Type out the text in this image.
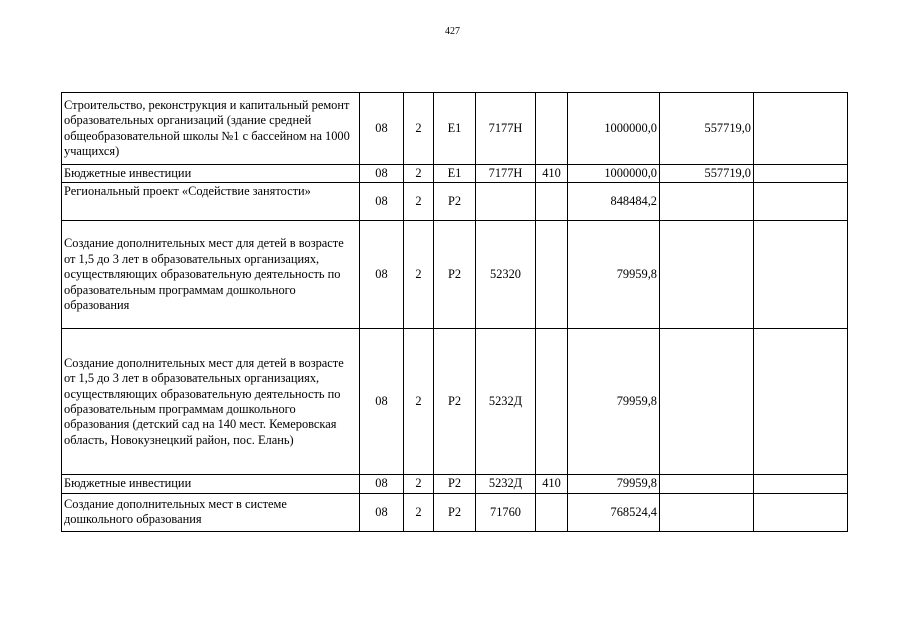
427
Строительство, реконструкция и капитальный ремонт образовательных организаций (здание средней общеобразовательной школы №1 с бассейном на 1000 учащихся)	08	2	E1	7177Н		1000000,0	557719,0	
Бюджетные инвестиции	08	2	E1	7177Н	410	1000000,0	557719,0	
Региональный проект «Содействие занятости»	08	2	P2			848484,2		
Создание дополнительных мест для детей в возрасте от 1,5 до 3 лет в образовательных организациях, осуществляющих образовательную деятельность по образовательным программам дошкольного образования	08	2	P2	52320		79959,8		
Создание дополнительных мест для детей в возрасте от 1,5 до 3 лет в образовательных организациях, осуществляющих образовательную деятельность по образовательным программам дошкольного образования (детский сад на 140 мест. Кемеровская область, Новокузнецкий район, пос. Елань)	08	2	P2	5232Д		79959,8		
Бюджетные инвестиции	08	2	P2	5232Д	410	79959,8		
Создание дополнительных мест в системе дошкольного образования	08	2	P2	71760		768524,4		
